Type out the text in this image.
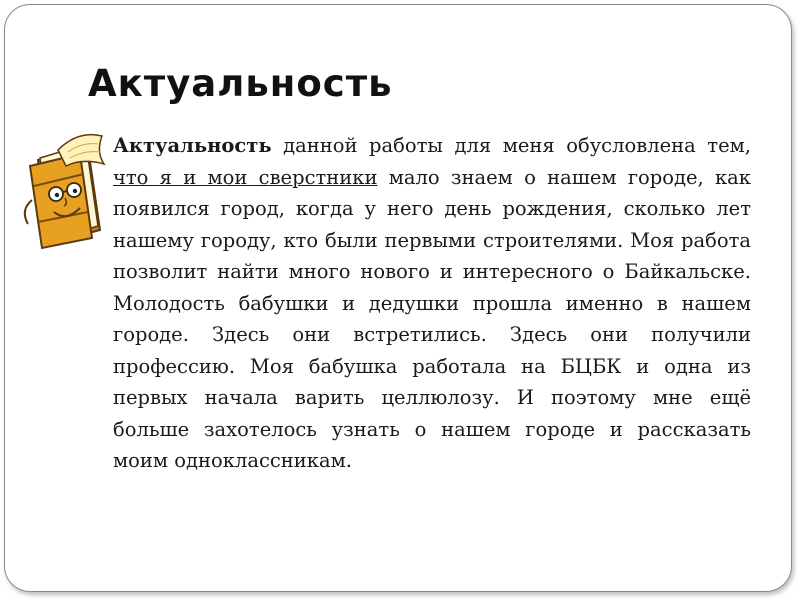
Актуальность

Актуальность данной работы для меня обусловлена тем, что я и мои сверстники мало знаем о нашем городе, как появился город, когда у него день рождения, сколько лет нашему городу, кто были первыми строителями. Моя работа позволит найти много нового и интересного о Байкальске. Молодость бабушки и дедушки прошла именно в нашем городе. Здесь они встретились. Здесь они получили профессию. Моя бабушка работала на БЦБК и одна из первых начала варить целлюлозу. И поэтому мне ещё больше захотелось узнать о нашем городе и рассказать моим одноклассникам.
